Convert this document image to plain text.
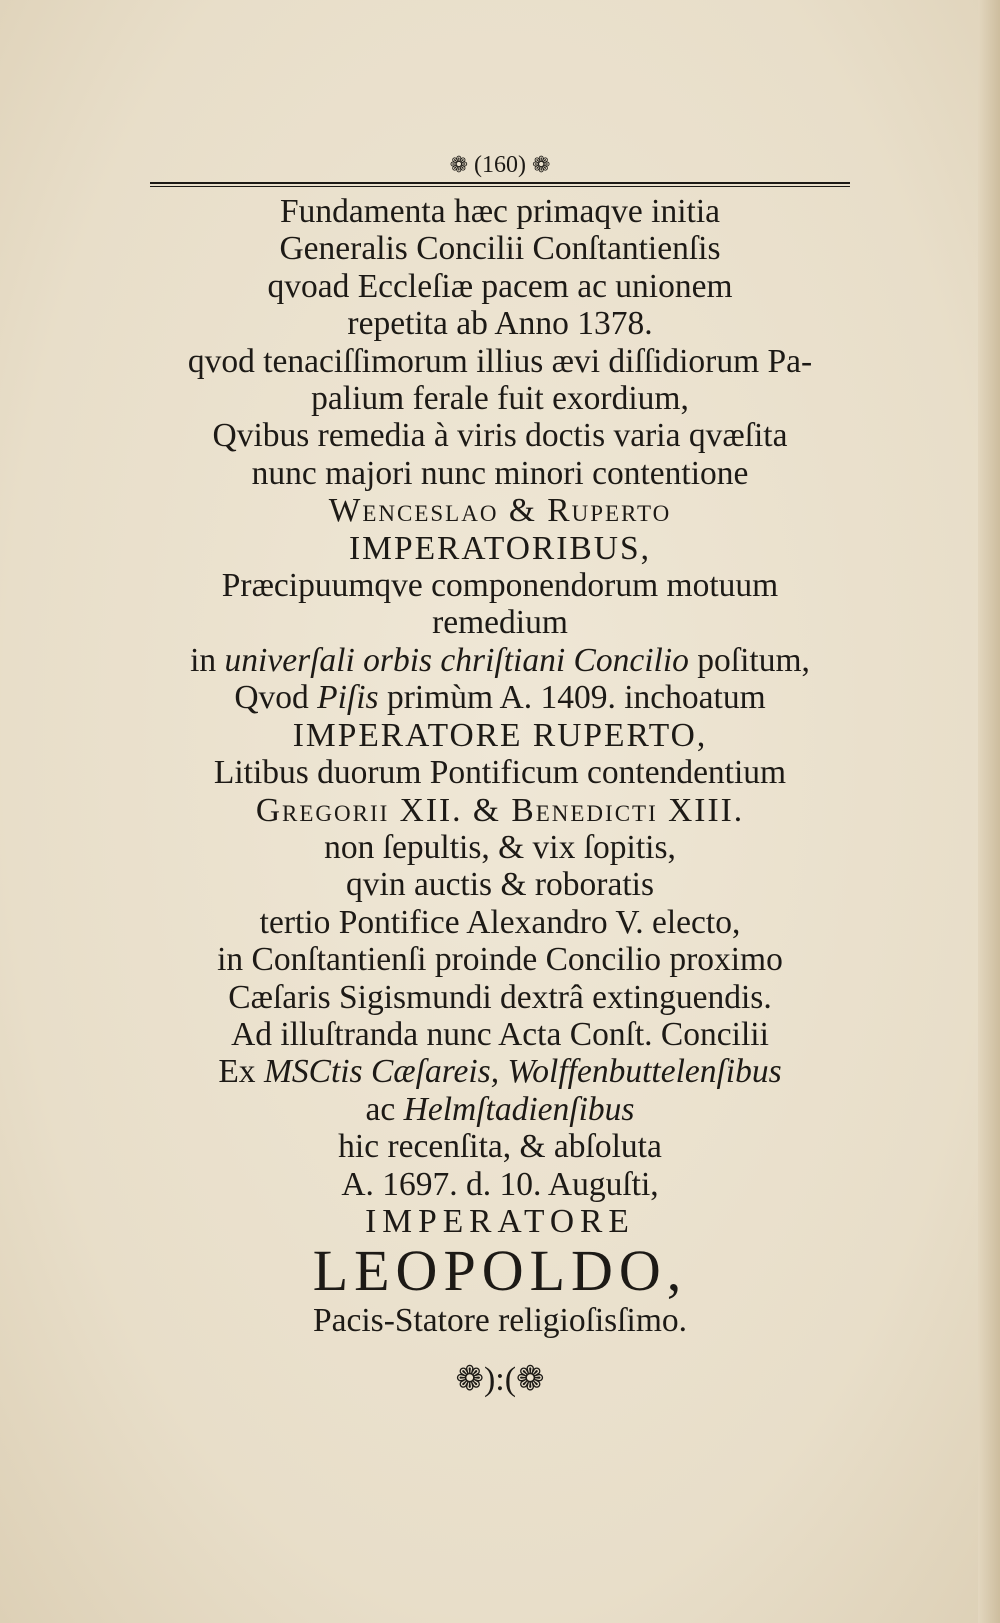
❁ (160) ❁
Fundamenta hæc primaqve initia
Generalis Concilii Conſtantienſis
qvoad Eccleſiæ pacem ac unionem
repetita ab Anno 1378.
qvod tenaciſſimorum illius ævi diſſidiorum Pa-
palium ferale fuit exordium,
Qvibus remedia à viris doctis varia qvæſita
nunc majori nunc minori contentione
Wenceslao & Ruperto
IMPERATORIBUS,
Præcipuumqve componendorum motuum
remedium
in univerſali orbis chriſtiani Concilio poſitum,
Qvod Piſis primùm A. 1409. inchoatum
IMPERATORE RUPERTO,
Litibus duorum Pontificum contendentium
Gregorii XII. & Benedicti XIII.
non ſepultis, & vix ſopitis,
qvin auctis & roboratis
tertio Pontifice Alexandro V. electo,
in Conſtantienſi proinde Concilio proximo
Cæſaris Sigismundi dextrâ extinguendis.
Ad illuſtranda nunc Acta Conſt. Concilii
Ex MSCtis Cæſareis, Wolffenbuttelenſibus
ac Helmſtadienſibus
hic recenſita, & abſoluta
A. 1697. d. 10. Auguſti,
IMPERATORE
LEOPOLDO,
Pacis-Statore religioſisſimo.
❁):(❁
